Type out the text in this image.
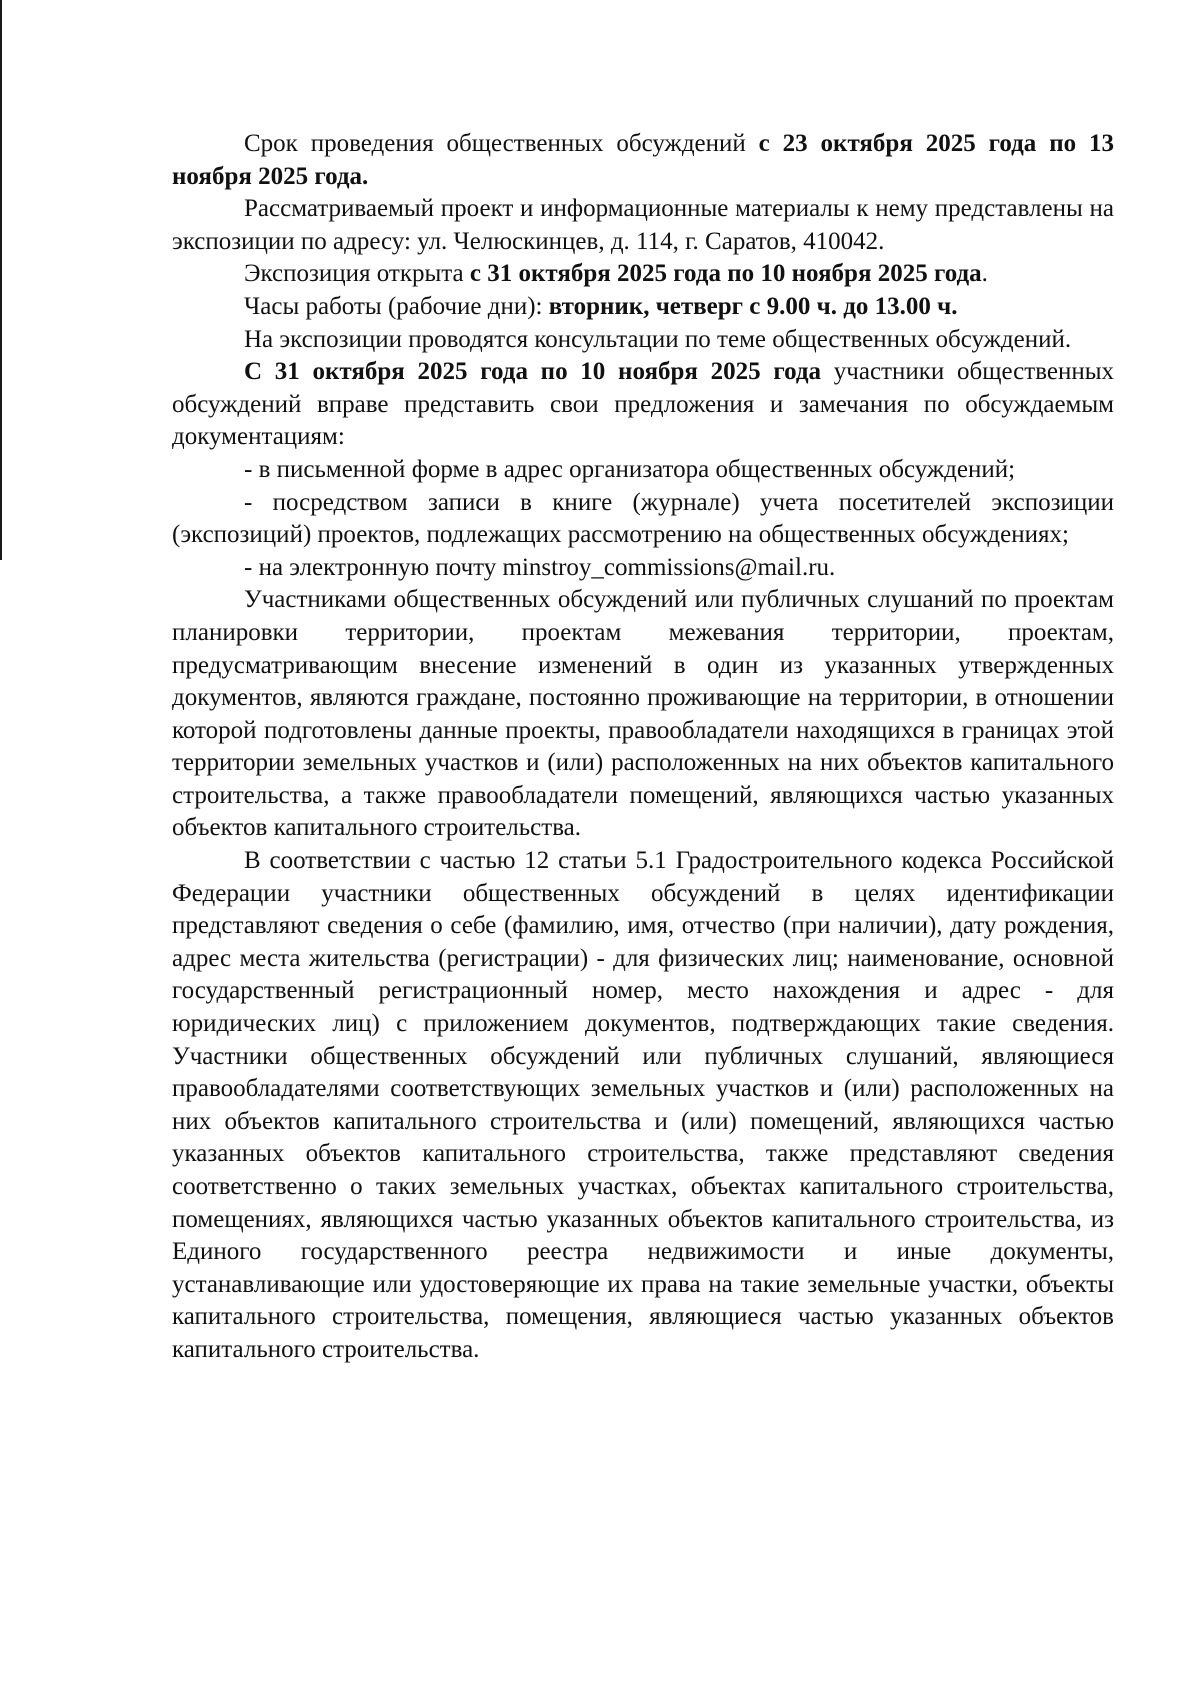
Срок проведения общественных обсуждений с 23 октября 2025 года по 13 ноября 2025 года.

Рассматриваемый проект и информационные материалы к нему представлены на экспозиции по адресу: ул. Челюскинцев, д. 114, г. Саратов, 410042.

Экспозиция открыта с 31 октября 2025 года по 10 ноября 2025 года.

Часы работы (рабочие дни): вторник, четверг с 9.00 ч. до 13.00 ч.

На экспозиции проводятся консультации по теме общественных обсуждений.

С 31 октября 2025 года по 10 ноября 2025 года участники общественных обсуждений вправе представить свои предложения и замечания по обсуждаемым документациям:

- в письменной форме в адрес организатора общественных обсуждений;

- посредством записи в книге (журнале) учета посетителей экспозиции (экспозиций) проектов, подлежащих рассмотрению на общественных обсуждениях;

- на электронную почту minstroy_commissions@mail.ru.

Участниками общественных обсуждений или публичных слушаний по проектам планировки территории, проектам межевания территории, проектам, предусматривающим внесение изменений в один из указанных утвержденных документов, являются граждане, постоянно проживающие на территории, в отношении которой подготовлены данные проекты, правообладатели находящихся в границах этой территории земельных участков и (или) расположенных на них объектов капитального строительства, а также правообладатели помещений, являющихся частью указанных объектов капитального строительства.

В соответствии с частью 12 статьи 5.1 Градостроительного кодекса Российской Федерации участники общественных обсуждений в целях идентификации представляют сведения о себе (фамилию, имя, отчество (при наличии), дату рождения, адрес места жительства (регистрации) - для физических лиц; наименование, основной государственный регистрационный номер, место нахождения и адрес - для юридических лиц) с приложением документов, подтверждающих такие сведения. Участники общественных обсуждений или публичных слушаний, являющиеся правообладателями соответствующих земельных участков и (или) расположенных на них объектов капитального строительства и (или) помещений, являющихся частью указанных объектов капитального строительства, также представляют сведения соответственно о таких земельных участках, объектах капитального строительства, помещениях, являющихся частью указанных объектов капитального строительства, из Единого государственного реестра недвижимости и иные документы, устанавливающие или удостоверяющие их права на такие земельные участки, объекты капитального строительства, помещения, являющиеся частью указанных объектов капитального строительства.
